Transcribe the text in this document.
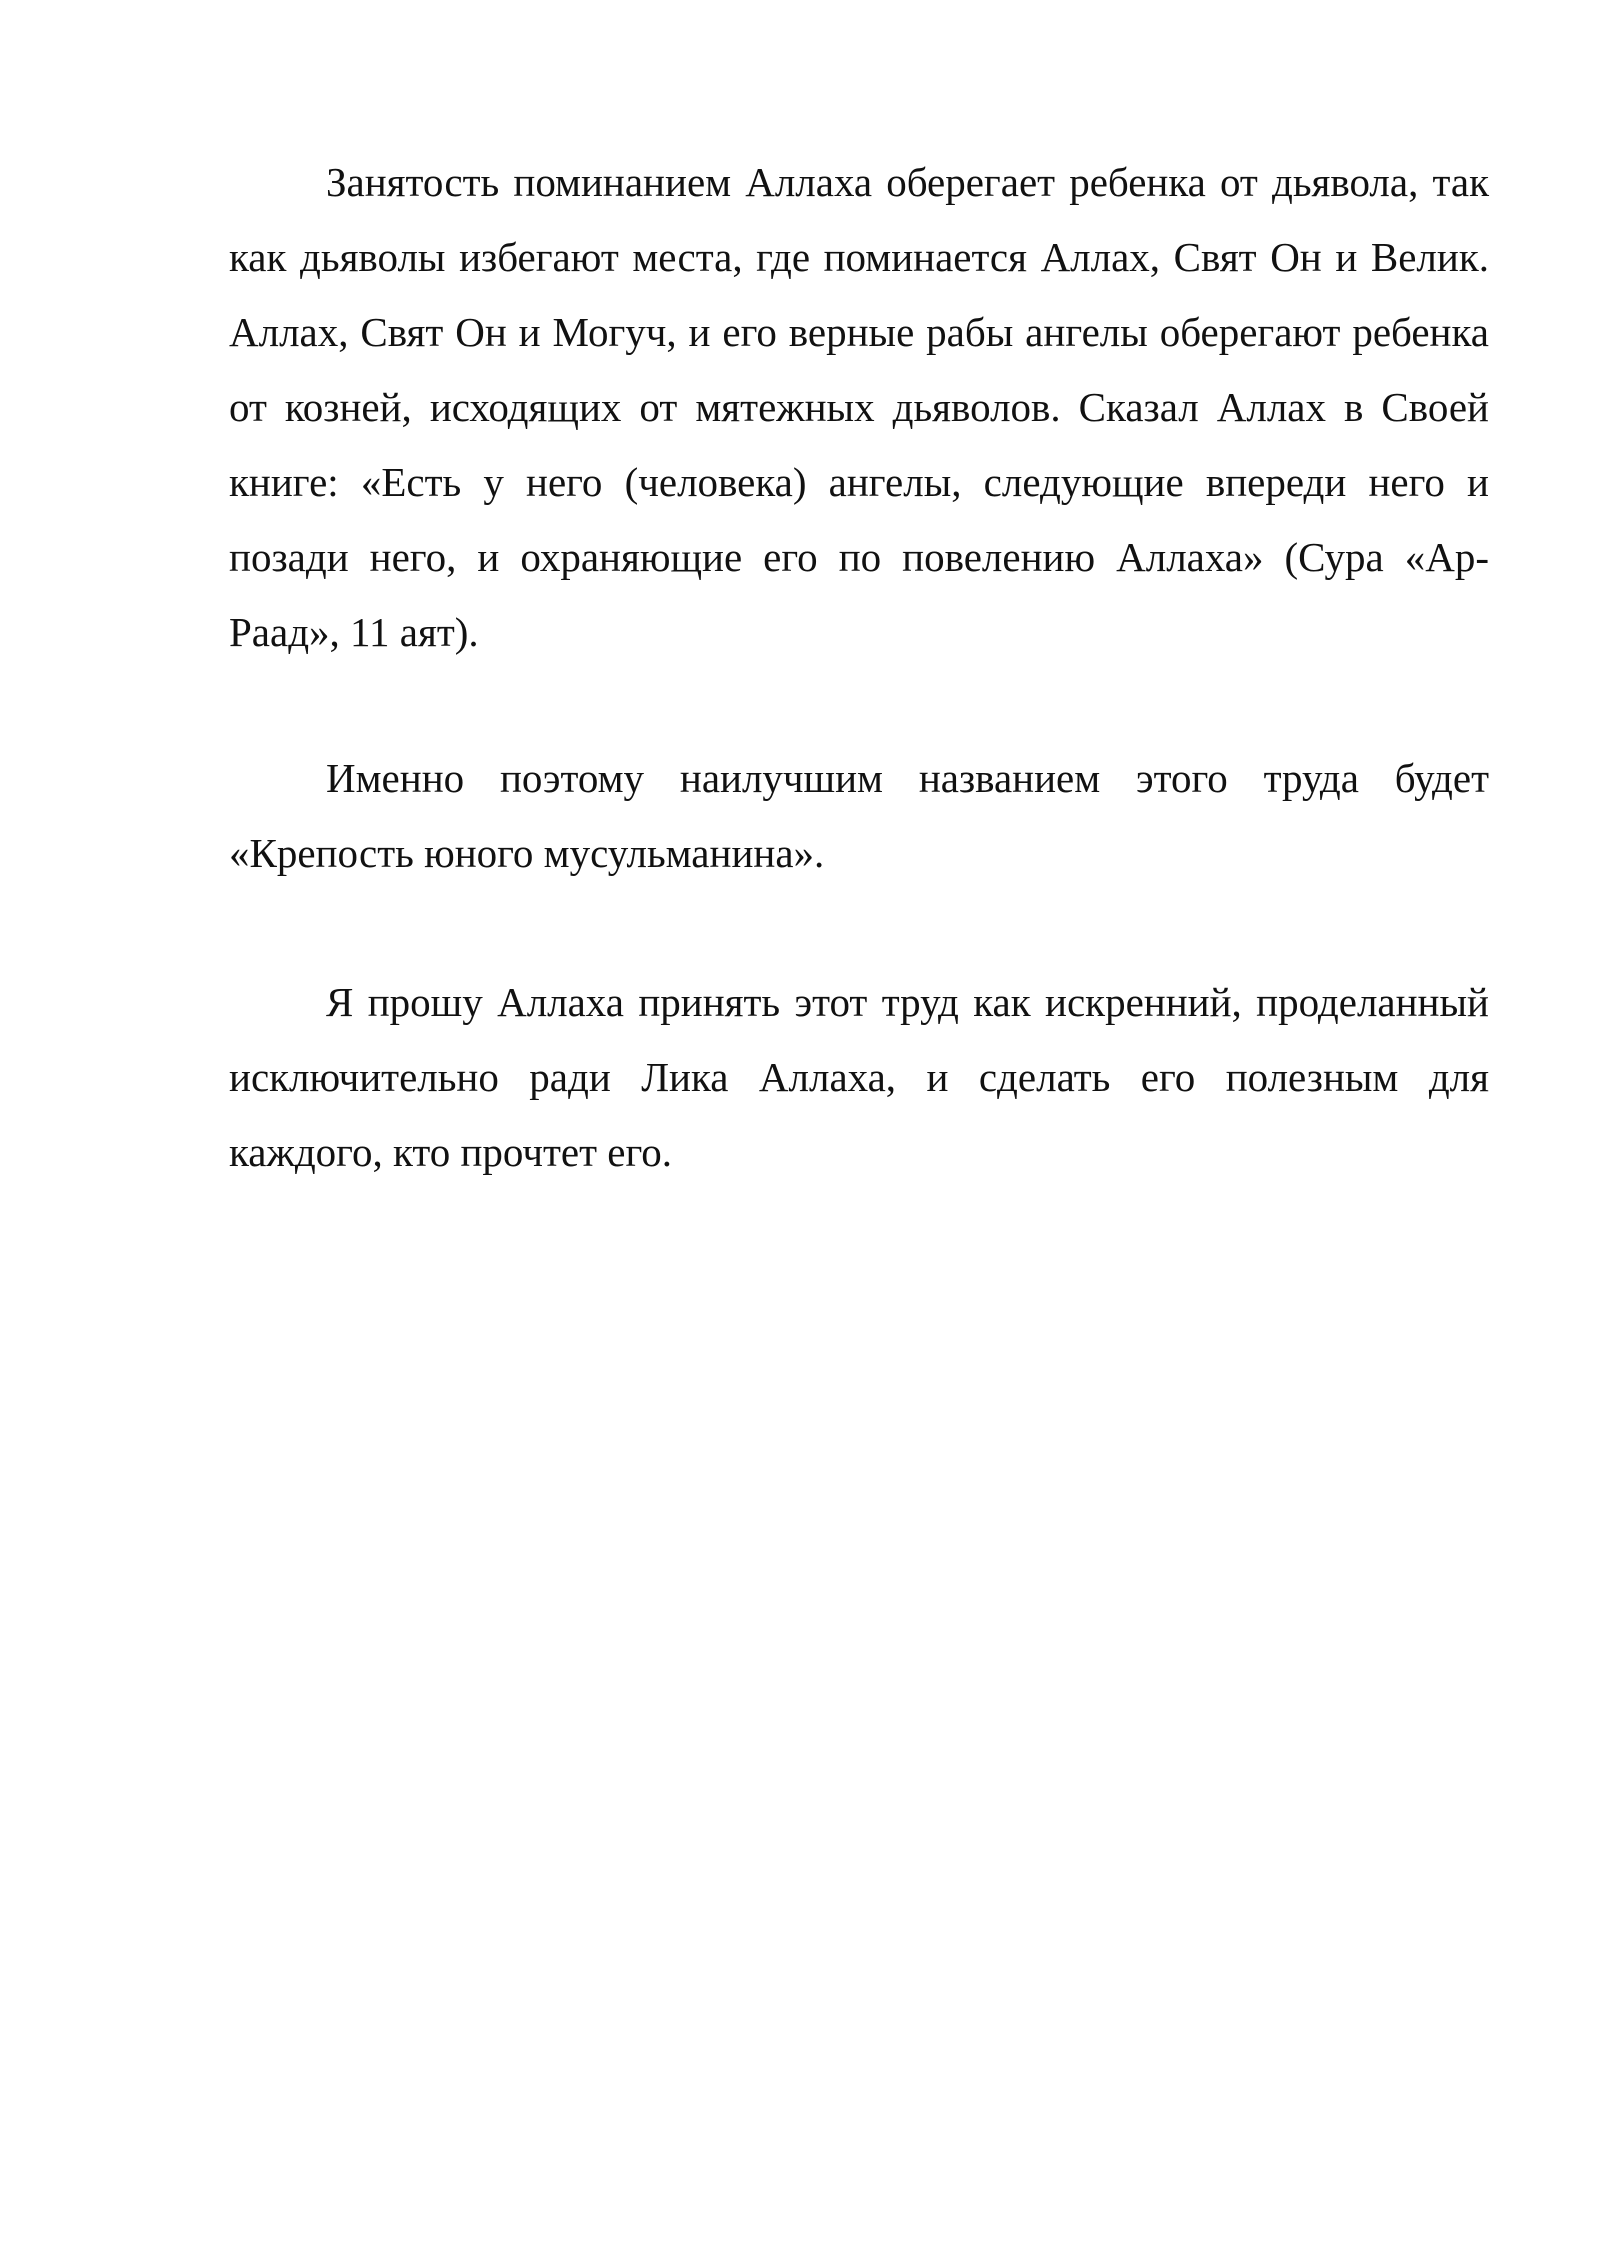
Занятость поминанием Аллаха оберегает ребенка от дьявола, так как дьяволы избегают места, где поминается Аллах, Свят Он и Велик. Аллах, Свят Он и Могуч, и его верные рабы ангелы оберегают ребенка от козней, исходящих от мятежных дьяволов. Сказал Аллах в Своей книге: «Есть у него (человека) ангелы, следующие впереди него и позади него, и охраняющие его по повелению Аллаха» (Сура «Ар-Раад», 11 аят).

Именно поэтому наилучшим названием этого труда будет «Крепость юного мусульманина».

Я прошу Аллаха принять этот труд как искренний, проделанный исключительно ради Лика Аллаха, и сделать его полезным для каждого, кто прочтет его.
